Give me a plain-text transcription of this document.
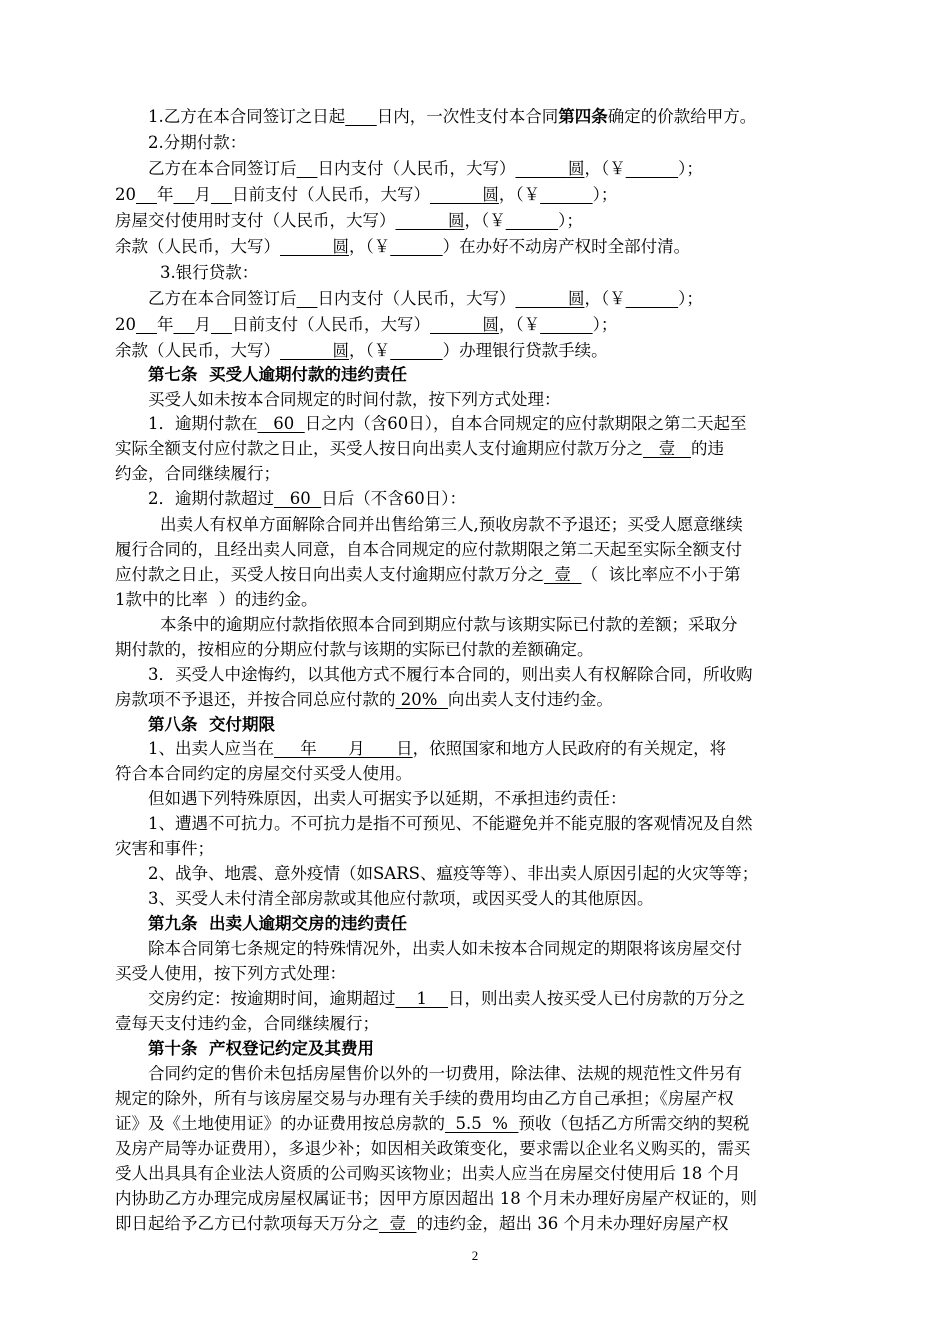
1.乙方在本合同签订之日起 日内，一次性支付本合同第四条确定的价款给甲方。
2.分期付款：
乙方在本合同签订后 日内支付（人民币，大写）	圆，（￥	）；
20 年 月 日前支付（人民币，大写）	圆，（￥	）；
房屋交付使用时支付（人民币，大写）	圆，（￥	）；
余款（人民币，大写）	圆，（￥	）在办好不动房产权时全部付清。
3.银行贷款：
乙方在本合同签订后 日内支付（人民币，大写）	圆，（￥	）；
20 年 月 日前支付（人民币，大写）	圆，（￥	）；
余款（人民币，大写）	圆，（￥	）办理银行贷款手续。
第七条  买受人逾期付款的违约责任
买受人如未按本合同规定的时间付款，按下列方式处理：
1．逾期付款在   60  日之内（含60日），自本合同规定的应付款期限之第二天起至
实际全额支付应付款之日止，买受人按日向出卖人支付逾期应付款万分之   壹   的违
约金，合同继续履行；
2．逾期付款超过   60  日后（不含60日）：
出卖人有权单方面解除合同并出售给第三人,预收房款不予退还；买受人愿意继续
履行合同的，且经出卖人同意，自本合同规定的应付款期限之第二天起至实际全额支付
应付款之日止，买受人按日向出卖人支付逾期应付款万分之  壹  （  该比率应不小于第
1款中的比率  ）的违约金。
本条中的逾期应付款指依照本合同到期应付款与该期实际已付款的差额；采取分
期付款的，按相应的分期应付款与该期的实际已付款的差额确定。
3．买受人中途悔约，以其他方式不履行本合同的，则出卖人有权解除合同，所收购
房款项不予退还，并按合同总应付款的 20%  向出卖人支付违约金。
第八条  交付期限
1、出卖人应当在     年      月      日，依照国家和地方人民政府的有关规定，将
符合本合同约定的房屋交付买受人使用。
但如遇下列特殊原因，出卖人可据实予以延期，不承担违约责任：
1、遭遇不可抗力。不可抗力是指不可预见、不能避免并不能克服的客观情况及自然
灾害和事件；
2、战争、地震、意外疫情（如SARS、瘟疫等等）、非出卖人原因引起的火灾等等；
3、买受人未付清全部房款或其他应付款项，或因买受人的其他原因。
第九条  出卖人逾期交房的违约责任
除本合同第七条规定的特殊情况外，出卖人如未按本合同规定的期限将该房屋交付
买受人使用，按下列方式处理：
交房约定：按逾期时间，逾期超过    1    日，则出卖人按买受人已付房款的万分之
壹每天支付违约金，合同继续履行；
第十条  产权登记约定及其费用
合同约定的售价未包括房屋售价以外的一切费用，除法律、法规的规范性文件另有
规定的除外，所有与该房屋交易与办理有关手续的费用均由乙方自己承担；《房屋产权
证》及《土地使用证》的办证费用按总房款的  5.5  %  预收（包括乙方所需交纳的契税
及房产局等办证费用），多退少补；如因相关政策变化，要求需以企业名义购买的，需买
受人出具具有企业法人资质的公司购买该物业；出卖人应当在房屋交付使用后 18 个月
内协助乙方办理完成房屋权属证书；因甲方原因超出 18 个月未办理好房屋产权证的，则
即日起给予乙方已付款项每天万分之  壹  的违约金，超出 36 个月未办理好房屋产权
2
